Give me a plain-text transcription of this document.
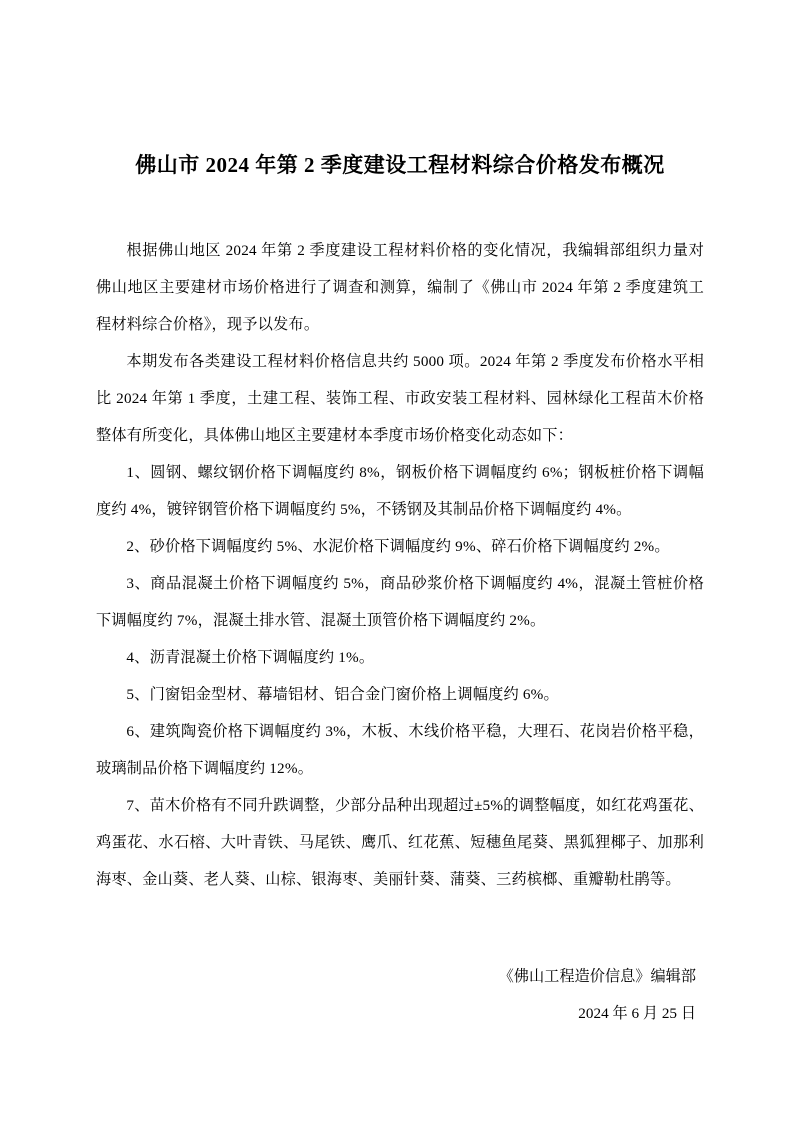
佛山市 2024 年第 2 季度建设工程材料综合价格发布概况

根据佛山地区 2024 年第 2 季度建设工程材料价格的变化情况，我编辑部组织力量对佛山地区主要建材市场价格进行了调查和测算，编制了《佛山市 2024 年第 2 季度建筑工程材料综合价格》，现予以发布。

本期发布各类建设工程材料价格信息共约 5000 项。2024 年第 2 季度发布价格水平相比 2024 年第 1 季度，土建工程、装饰工程、市政安装工程材料、园林绿化工程苗木价格整体有所变化，具体佛山地区主要建材本季度市场价格变化动态如下：

1、圆钢、螺纹钢价格下调幅度约 8%，钢板价格下调幅度约 6%；钢板桩价格下调幅度约 4%，镀锌钢管价格下调幅度约 5%，不锈钢及其制品价格下调幅度约 4%。

2、砂价格下调幅度约 5%、水泥价格下调幅度约 9%、碎石价格下调幅度约 2%。

3、商品混凝土价格下调幅度约 5%，商品砂浆价格下调幅度约 4%，混凝土管桩价格下调幅度约 7%，混凝土排水管、混凝土顶管价格下调幅度约 2%。

4、沥青混凝土价格下调幅度约 1%。

5、门窗铝金型材、幕墙铝材、铝合金门窗价格上调幅度约 6%。

6、建筑陶瓷价格下调幅度约 3%，木板、木线价格平稳，大理石、花岗岩价格平稳，玻璃制品价格下调幅度约 12%。

7、苗木价格有不同升跌调整，少部分品种出现超过±5%的调整幅度，如红花鸡蛋花、鸡蛋花、水石榕、大叶青铁、马尾铁、鹰爪、红花蕉、短穗鱼尾葵、黑狐狸椰子、加那利海枣、金山葵、老人葵、山棕、银海枣、美丽针葵、蒲葵、三药槟榔、重瓣勒杜鹃等。

《佛山工程造价信息》编辑部
2024 年 6 月 25 日
